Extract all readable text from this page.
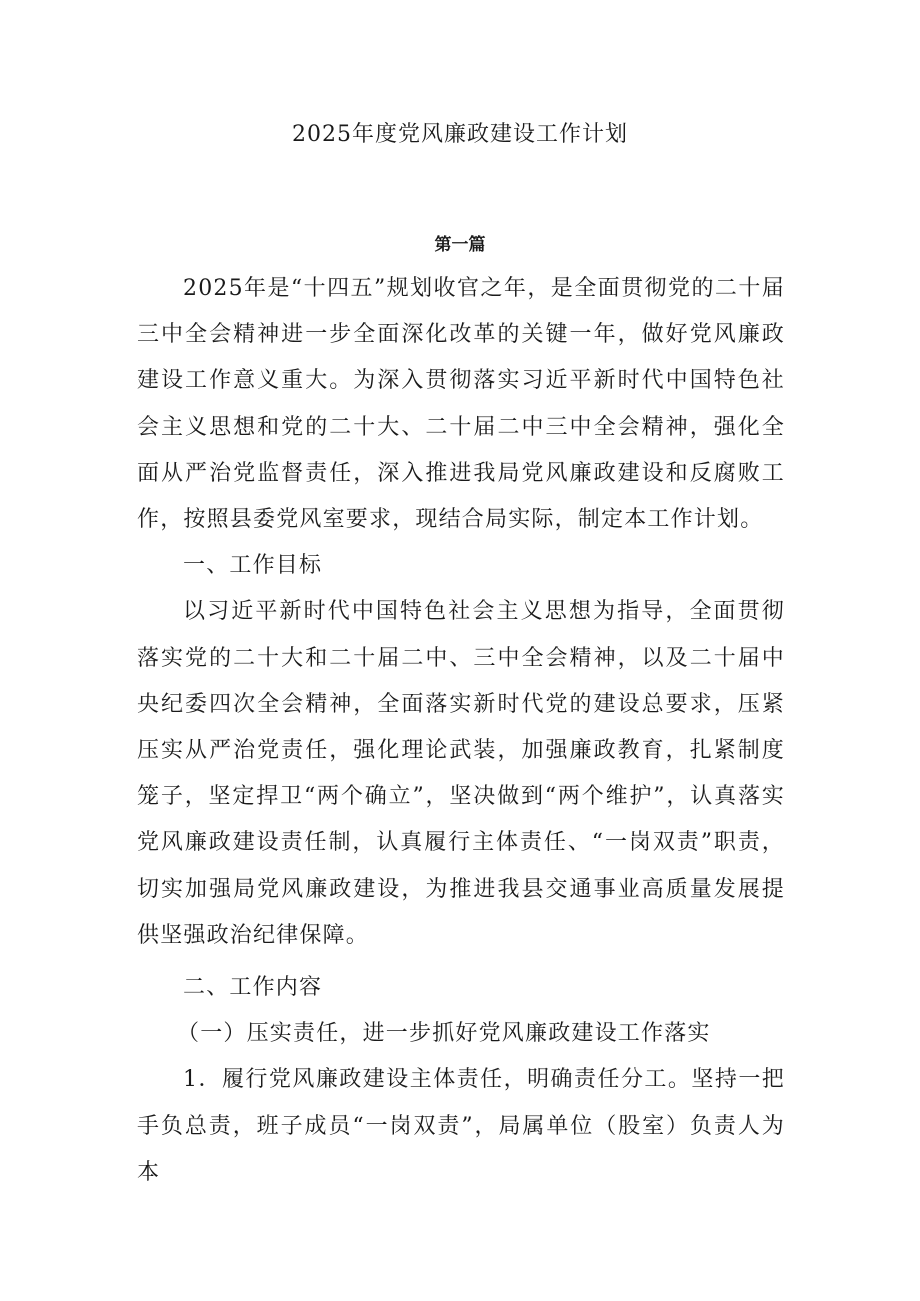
2025年度党风廉政建设工作计划
第一篇

2025年是“十四五”规划收官之年，是全面贯彻党的二十届三中全会精神进一步全面深化改革的关键一年，做好党风廉政建设工作意义重大。为深入贯彻落实习近平新时代中国特色社会主义思想和党的二十大、二十届二中三中全会精神，强化全面从严治党监督责任，深入推进我局党风廉政建设和反腐败工作，按照县委党风室要求，现结合局实际，制定本工作计划。

一、工作目标

以习近平新时代中国特色社会主义思想为指导，全面贯彻落实党的二十大和二十届二中、三中全会精神，以及二十届中央纪委四次全会精神，全面落实新时代党的建设总要求，压紧压实从严治党责任，强化理论武装，加强廉政教育，扎紧制度笼子，坚定捍卫“两个确立”，坚决做到“两个维护”，认真落实党风廉政建设责任制，认真履行主体责任、“一岗双责”职责，切实加强局党风廉政建设，为推进我县交通事业高质量发展提供坚强政治纪律保障。

二、工作内容

（一）压实责任，进一步抓好党风廉政建设工作落实

1．履行党风廉政建设主体责任，明确责任分工。坚持一把手负总责，班子成员“一岗双责”，局属单位（股室）负责人为本
